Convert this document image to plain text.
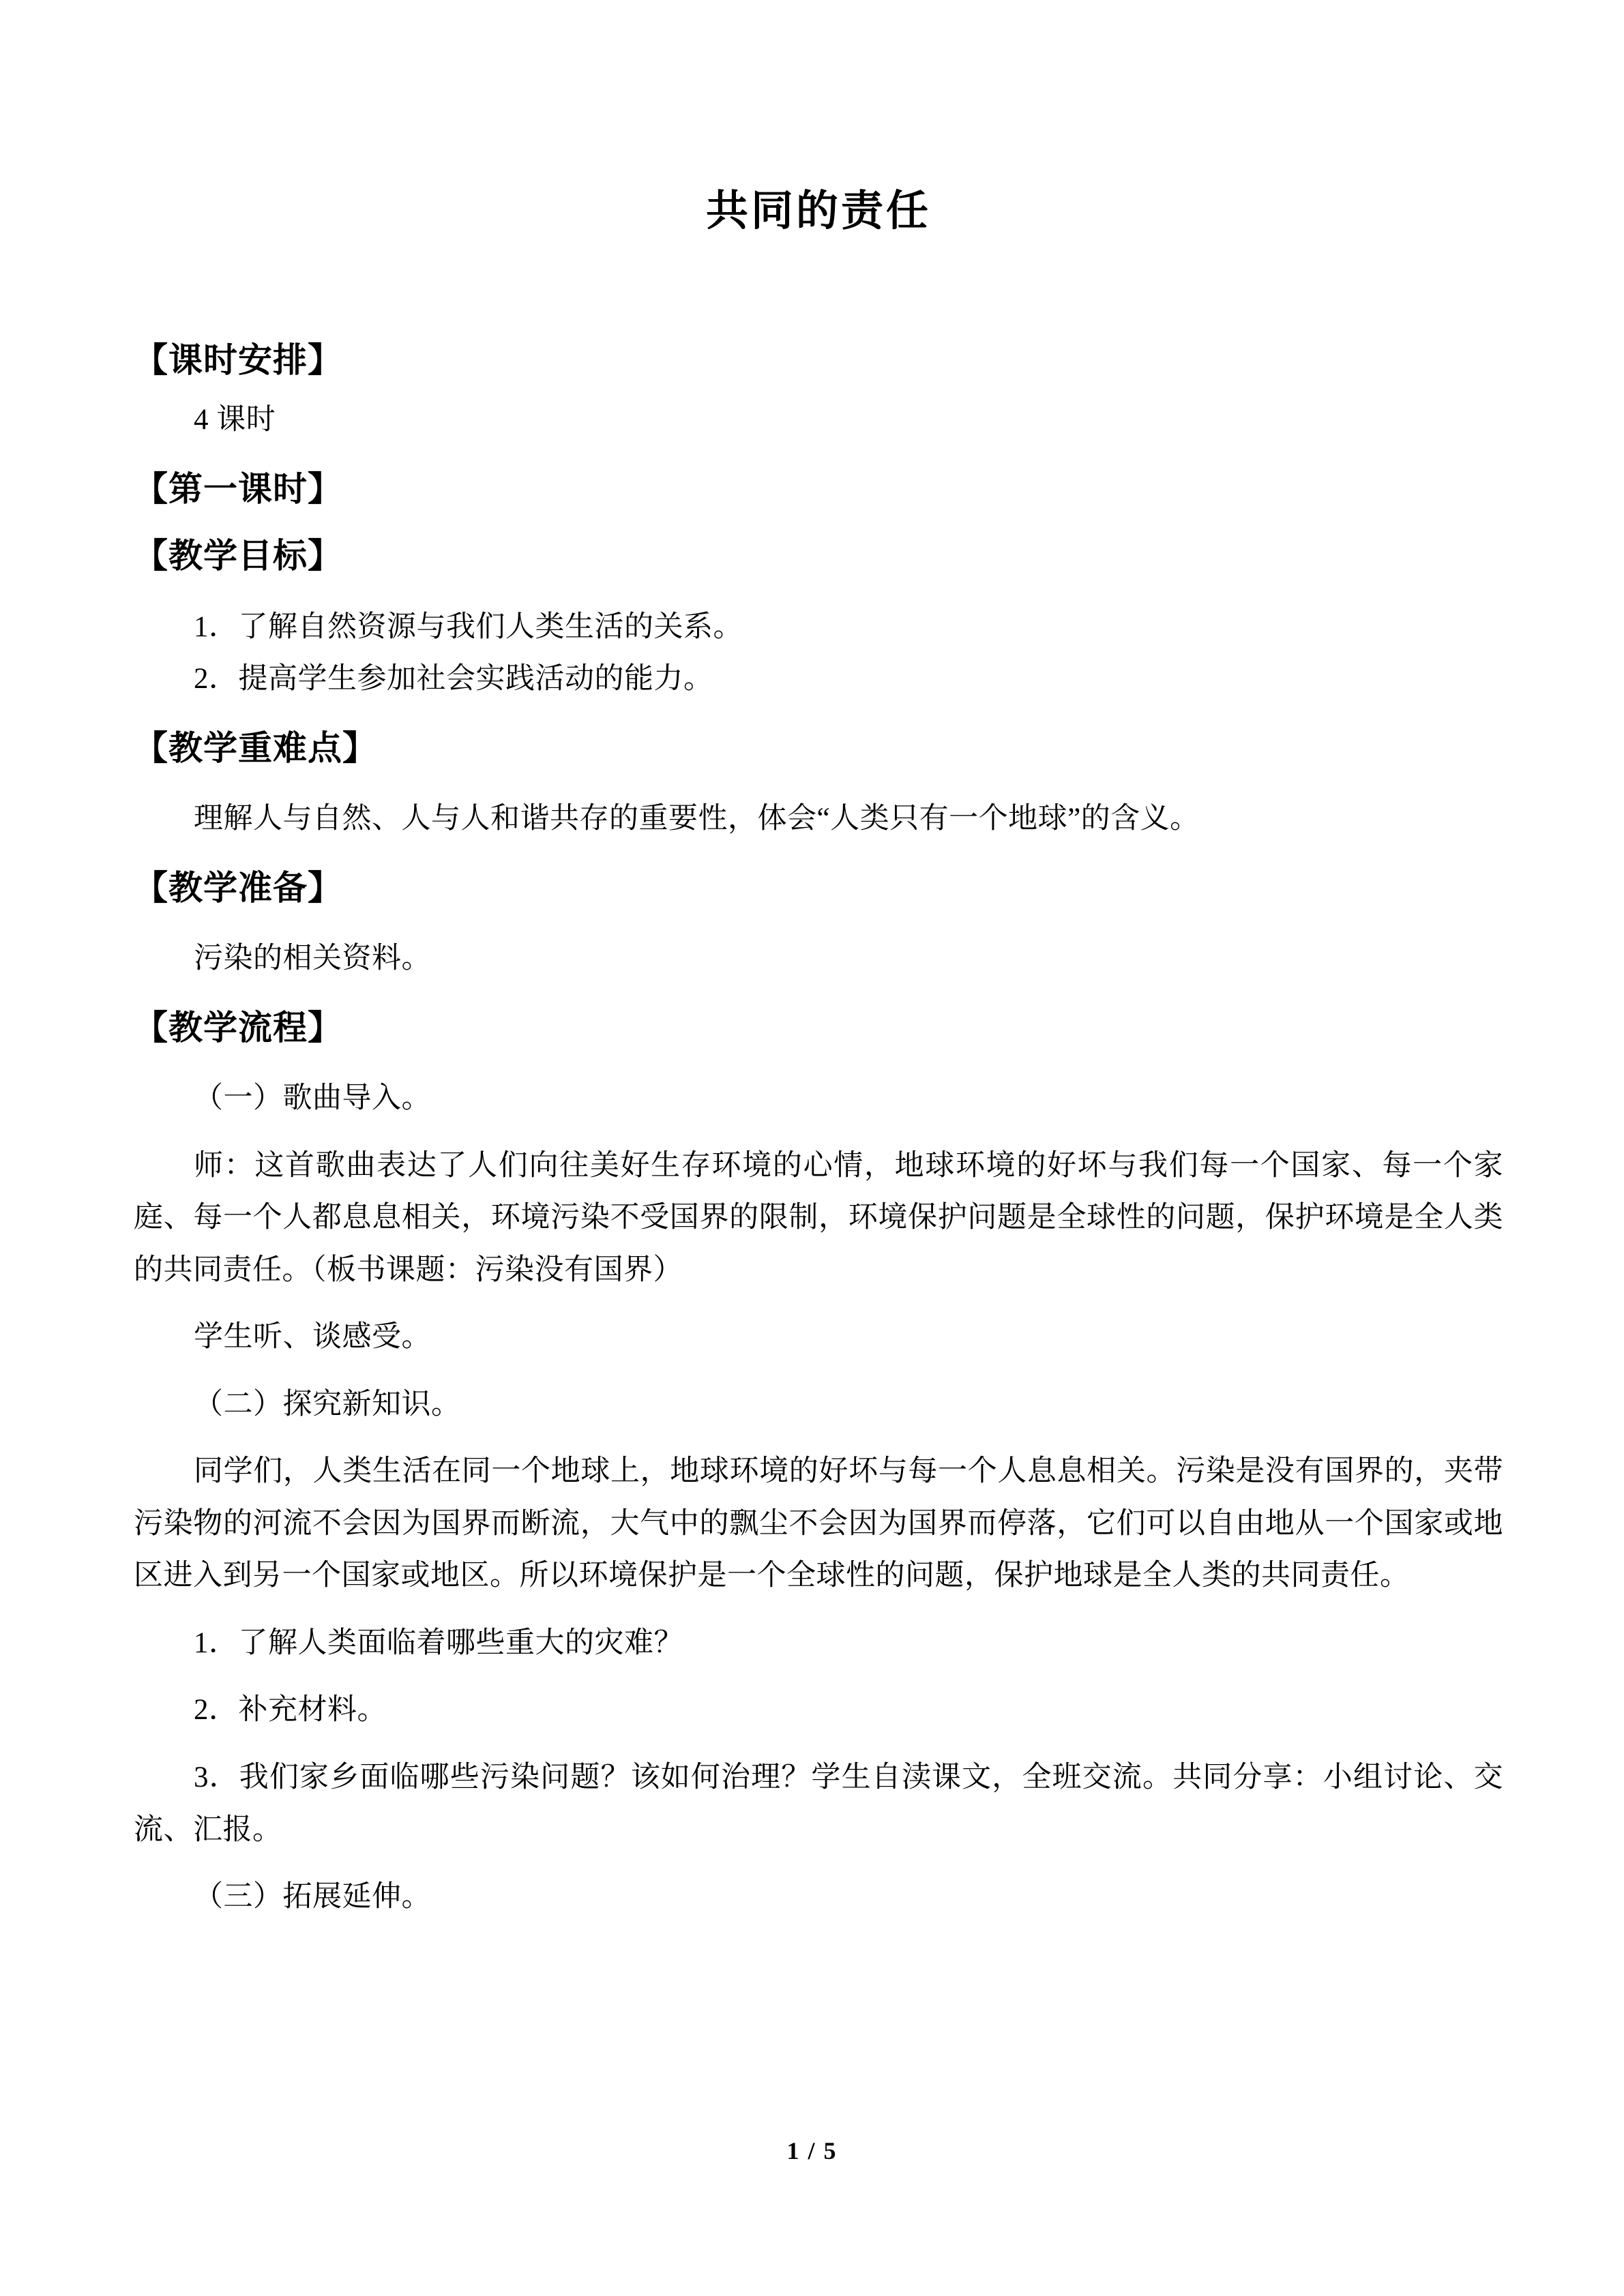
共同的责任
【课时安排】

4 课时

【第一课时】
【教学目标】

1．了解自然资源与我们人类生活的关系。

2．提高学生参加社会实践活动的能力。

【教学重难点】

理解人与自然、人与人和谐共存的重要性，体会“人类只有一个地球”的含义。

【教学准备】

污染的相关资料。

【教学流程】

（一）歌曲导入。

师：这首歌曲表达了人们向往美好生存环境的心情，地球环境的好坏与我们每一个国家、每一个家庭、每一个人都息息相关，环境污染不受国界的限制，环境保护问题是全球性的问题，保护环境是全人类的共同责任。（板书课题：污染没有国界）

学生听、谈感受。

（二）探究新知识。

同学们，人类生活在同一个地球上，地球环境的好坏与每一个人息息相关。污染是没有国界的，夹带污染物的河流不会因为国界而断流，大气中的飘尘不会因为国界而停落，它们可以自由地从一个国家或地区进入到另一个国家或地区。所以环境保护是一个全球性的问题，保护地球是全人类的共同责任。

1．了解人类面临着哪些重大的灾难？

2．补充材料。

3．我们家乡面临哪些污染问题？该如何治理？学生自渎课文，全班交流。共同分享：小组讨论、交流、汇报。

（三）拓展延伸。

1 / 5
